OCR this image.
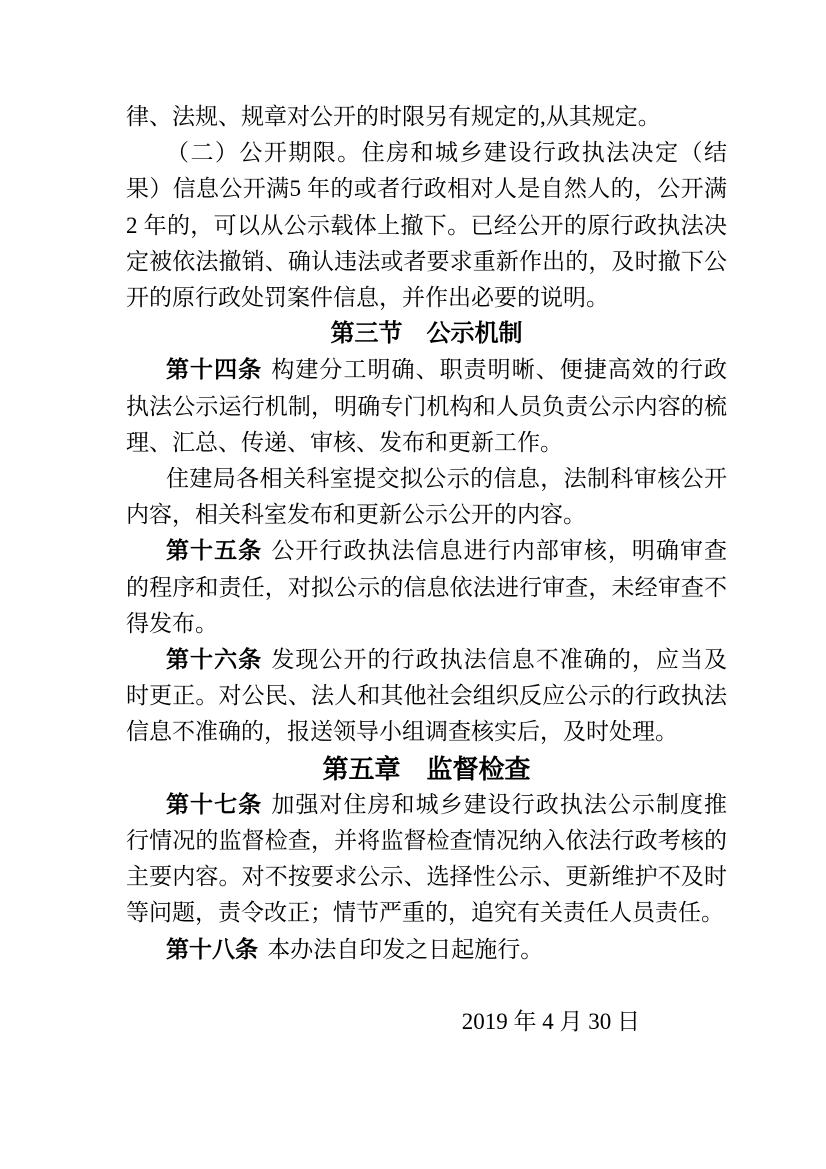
律、法规、规章对公开的时限另有规定的,从其规定。

（二）公开期限。住房和城乡建设行政执法决定（结果）信息公开满5 年的或者行政相对人是自然人的，公开满 2 年的，可以从公示载体上撤下。已经公开的原行政执法决定被依法撤销、确认违法或者要求重新作出的，及时撤下公开的原行政处罚案件信息，并作出必要的说明。

第三节　公示机制

第十四条 构建分工明确、职责明晰、便捷高效的行政执法公示运行机制，明确专门机构和人员负责公示内容的梳理、汇总、传递、审核、发布和更新工作。

住建局各相关科室提交拟公示的信息，法制科审核公开内容，相关科室发布和更新公示公开的内容。

第十五条 公开行政执法信息进行内部审核，明确审查的程序和责任，对拟公示的信息依法进行审查，未经审查不得发布。

第十六条 发现公开的行政执法信息不准确的，应当及时更正。对公民、法人和其他社会组织反应公示的行政执法信息不准确的，报送领导小组调查核实后，及时处理。

第五章　监督检查

第十七条 加强对住房和城乡建设行政执法公示制度推行情况的监督检查，并将监督检查情况纳入依法行政考核的主要内容。对不按要求公示、选择性公示、更新维护不及时等问题，责令改正；情节严重的，追究有关责任人员责任。

第十八条 本办法自印发之日起施行。

2019 年 4 月 30 日
